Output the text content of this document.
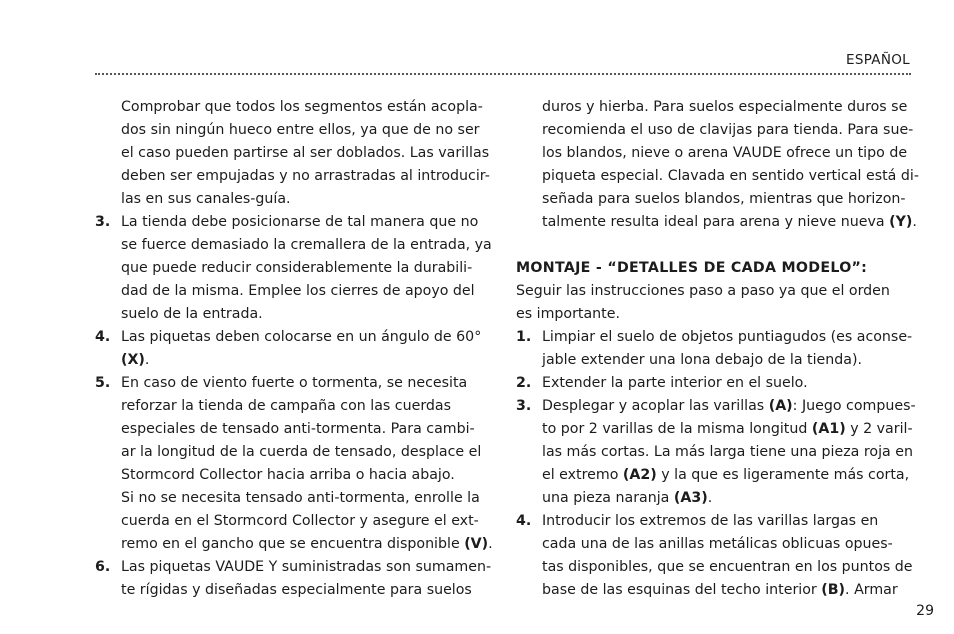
ESPAÑOL
Comprobar que todos los segmentos están acopla-
dos sin ningún hueco entre ellos, ya que de no ser
el caso pueden partirse al ser doblados. Las varillas
deben ser empujadas y no arrastradas al introducir-
las en sus canales-guía.
3. La tienda debe posicionarse de tal manera que no
se fuerce demasiado la cremallera de la entrada, ya
que puede reducir considerablemente la durabili-
dad de la misma. Emplee los cierres de apoyo del
suelo de la entrada.
4. Las piquetas deben colocarse en un ángulo de 60°
(X).
5. En caso de viento fuerte o tormenta, se necesita
reforzar la tienda de campaña con las cuerdas
especiales de tensado anti-tormenta. Para cambi-
ar la longitud de la cuerda de tensado, desplace el
Stormcord Collector hacia arriba o hacia abajo.
Si no se necesita tensado anti-tormenta, enrolle la
cuerda en el Stormcord Collector y asegure el ext-
remo en el gancho que se encuentra disponible (V).
6. Las piquetas VAUDE Y suministradas son sumamen-
te rígidas y diseñadas especialmente para suelos
duros y hierba. Para suelos especialmente duros se
recomienda el uso de clavijas para tienda. Para sue-
los blandos, nieve o arena VAUDE ofrece un tipo de
piqueta especial. Clavada en sentido vertical está di-
señada para suelos blandos, mientras que horizon-
talmente resulta ideal para arena y nieve nueva (Y).
MONTAJE - “DETALLES DE CADA MODELO”:
Seguir las instrucciones paso a paso ya que el orden
es importante.
1. Limpiar el suelo de objetos puntiagudos (es aconse-
jable extender una lona debajo de la tienda).
2. Extender la parte interior en el suelo.
3. Desplegar y acoplar las varillas (A): Juego compues-
to por 2 varillas de la misma longitud (A1) y 2 varil-
las más cortas. La más larga tiene una pieza roja en
el extremo (A2) y la que es ligeramente más corta,
una pieza naranja (A3).
4. Introducir los extremos de las varillas largas en
cada una de las anillas metálicas oblicuas opues-
tas disponibles, que se encuentran en los puntos de
base de las esquinas del techo interior (B). Armar
29
